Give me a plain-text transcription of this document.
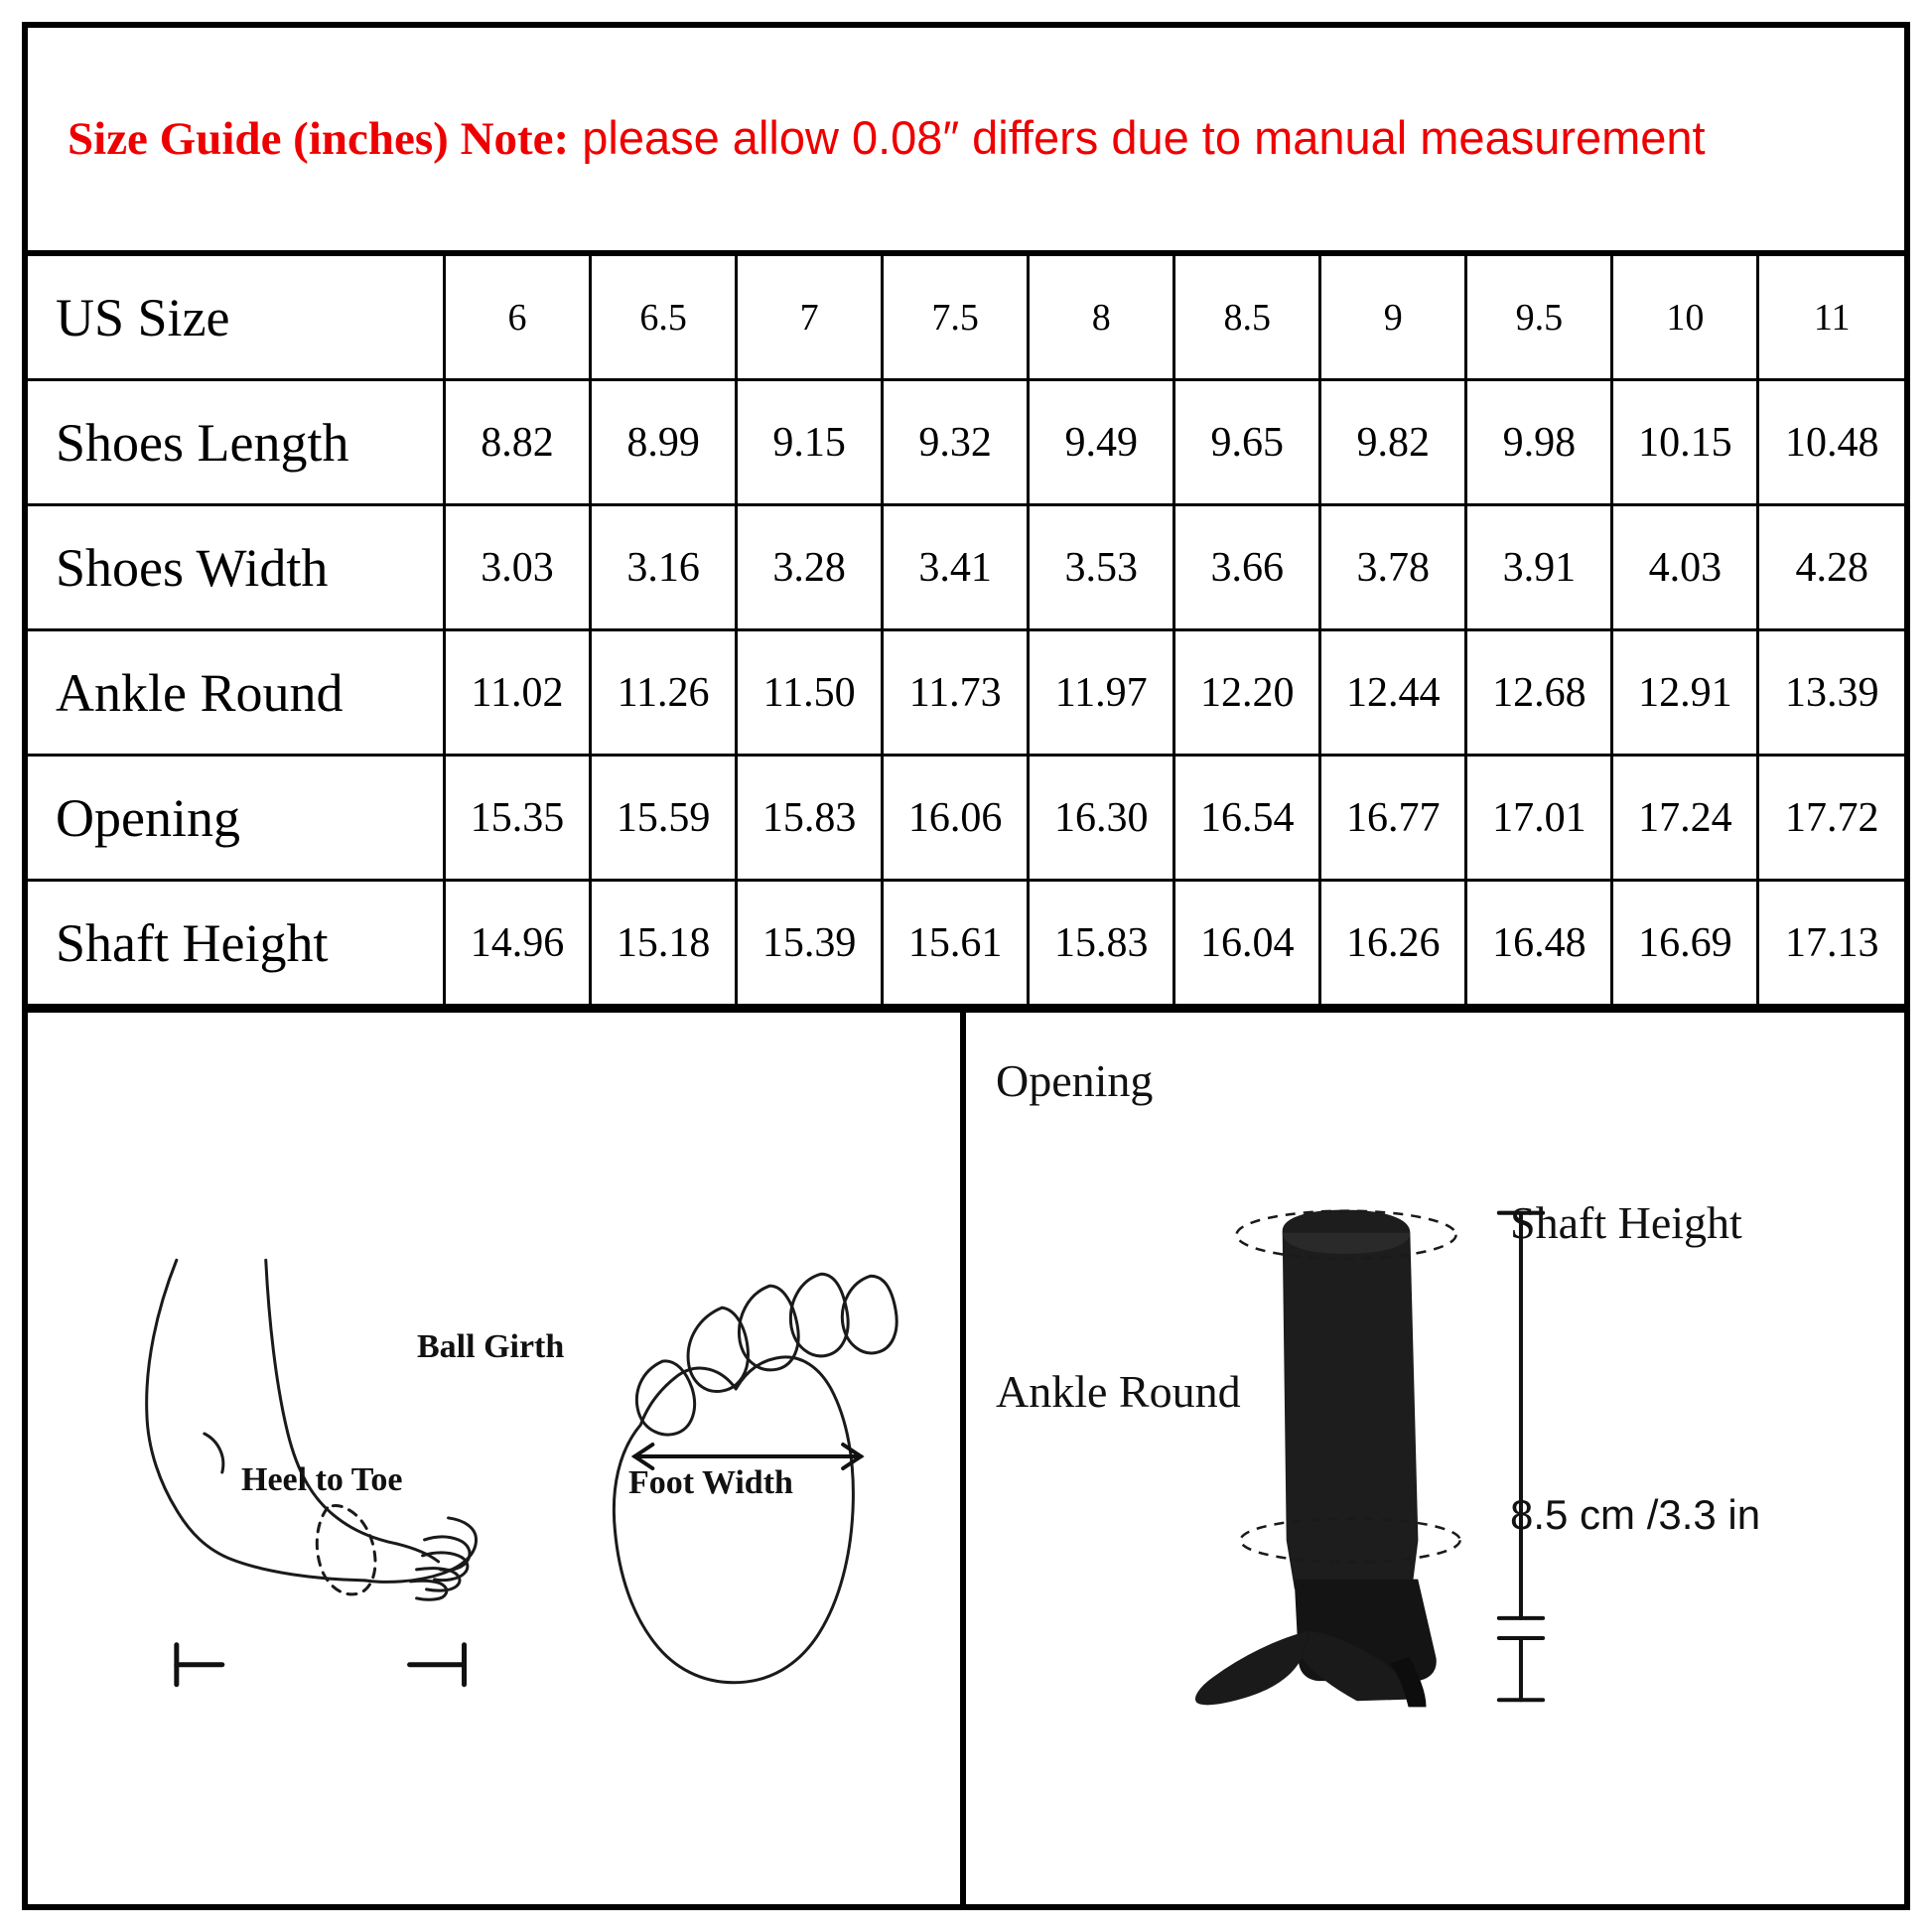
Size Guide (inches) Note: please allow 0.08″ differs due to manual measurement
US Size	6	6.5	7	7.5	8	8.5	9	9.5	10	11
Shoes Length	8.82	8.99	9.15	9.32	9.49	9.65	9.82	9.98	10.15	10.48
Shoes Width	3.03	3.16	3.28	3.41	3.53	3.66	3.78	3.91	4.03	4.28
Ankle Round	11.02	11.26	11.50	11.73	11.97	12.20	12.44	12.68	12.91	13.39
Opening	15.35	15.59	15.83	16.06	16.30	16.54	16.77	17.01	17.24	17.72
Shaft Height	14.96	15.18	15.39	15.61	15.83	16.04	16.26	16.48	16.69	17.13
Ball Girth
Heel to Toe	Foot Width
Opening
Ankle Round
Shaft Height
8.5 cm /3.3 in
